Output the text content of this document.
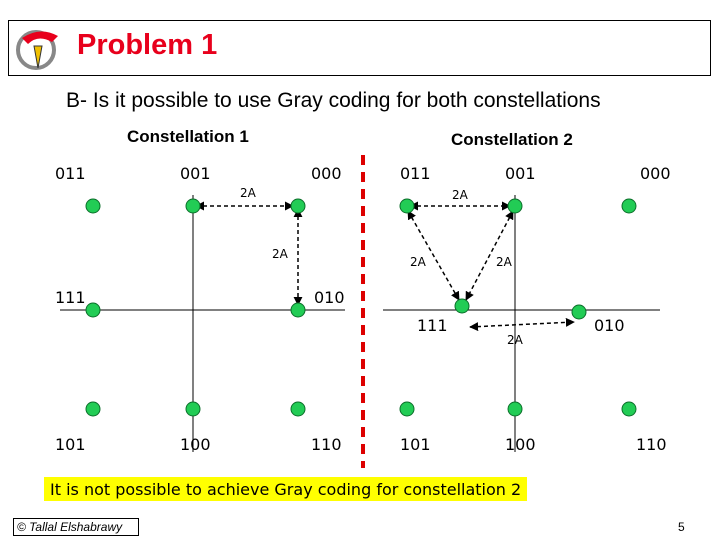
Problem 1
B- Is it possible to use Gray coding for both constellations
Constellation 1	Constellation 2
011	001	000
111	010
101	100	110
2A
2A
011	001	000
111	010
101	100	110
2A
2A	2A
2A
It is not possible to achieve Gray coding for constellation 2
© Tallal Elshabrawy	5
